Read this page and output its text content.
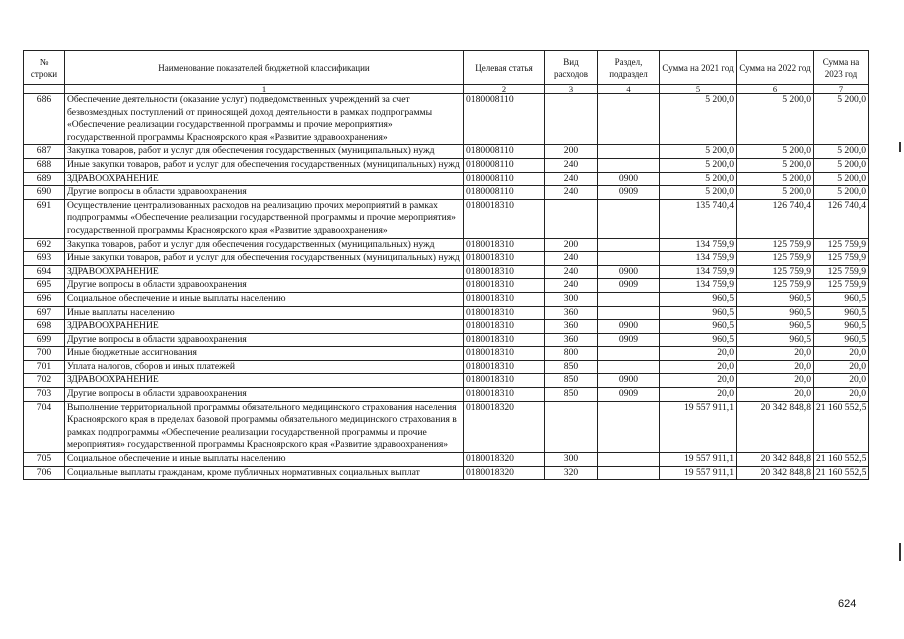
№ строки	Наименование показателей бюджетной классификации	Целевая статья	Вид расходов	Раздел, подраздел	Сумма на 2021 год	Сумма на 2022 год	Сумма на 2023 год
	1	2	3	4	5	6	7
686	Обеспечение деятельности (оказание услуг) подведомственных учреждений за счет безвозмездных поступлений от приносящей доход деятельности в рамках подпрограммы «Обеспечение реализации государственной программы и прочие мероприятия» государственной программы Красноярского края «Развитие здравоохранения»	0180008110			5 200,0	5 200,0	5 200,0
687	Закупка товаров, работ и услуг для обеспечения государственных (муниципальных) нужд	0180008110	200		5 200,0	5 200,0	5 200,0
688	Иные закупки товаров, работ и услуг для обеспечения государственных (муниципальных) нужд	0180008110	240		5 200,0	5 200,0	5 200,0
689	ЗДРАВООХРАНЕНИЕ	0180008110	240	0900	5 200,0	5 200,0	5 200,0
690	Другие вопросы в области здравоохранения	0180008110	240	0909	5 200,0	5 200,0	5 200,0
691	Осуществление централизованных расходов на реализацию прочих мероприятий в рамках подпрограммы «Обеспечение реализации государственной программы и прочие мероприятия» государственной программы Красноярского края «Развитие здравоохранения»	0180018310			135 740,4	126 740,4	126 740,4
692	Закупка товаров, работ и услуг для обеспечения государственных (муниципальных) нужд	0180018310	200		134 759,9	125 759,9	125 759,9
693	Иные закупки товаров, работ и услуг для обеспечения государственных (муниципальных) нужд	0180018310	240		134 759,9	125 759,9	125 759,9
694	ЗДРАВООХРАНЕНИЕ	0180018310	240	0900	134 759,9	125 759,9	125 759,9
695	Другие вопросы в области здравоохранения	0180018310	240	0909	134 759,9	125 759,9	125 759,9
696	Социальное обеспечение и иные выплаты населению	0180018310	300		960,5	960,5	960,5
697	Иные выплаты населению	0180018310	360		960,5	960,5	960,5
698	ЗДРАВООХРАНЕНИЕ	0180018310	360	0900	960,5	960,5	960,5
699	Другие вопросы в области здравоохранения	0180018310	360	0909	960,5	960,5	960,5
700	Иные бюджетные ассигнования	0180018310	800		20,0	20,0	20,0
701	Уплата налогов, сборов и иных платежей	0180018310	850		20,0	20,0	20,0
702	ЗДРАВООХРАНЕНИЕ	0180018310	850	0900	20,0	20,0	20,0
703	Другие вопросы в области здравоохранения	0180018310	850	0909	20,0	20,0	20,0
704	Выполнение территориальной программы обязательного медицинского страхования населения Красноярского края в пределах базовой программы обязательного медицинского страхования в рамках подпрограммы «Обеспечение реализации государственной программы и прочие мероприятия» государственной программы Красноярского края «Развитие здравоохранения»	0180018320			19 557 911,1	20 342 848,8	21 160 552,5
705	Социальное обеспечение и иные выплаты населению	0180018320	300		19 557 911,1	20 342 848,8	21 160 552,5
706	Социальные выплаты гражданам, кроме публичных нормативных социальных выплат	0180018320	320		19 557 911,1	20 342 848,8	21 160 552,5
624
